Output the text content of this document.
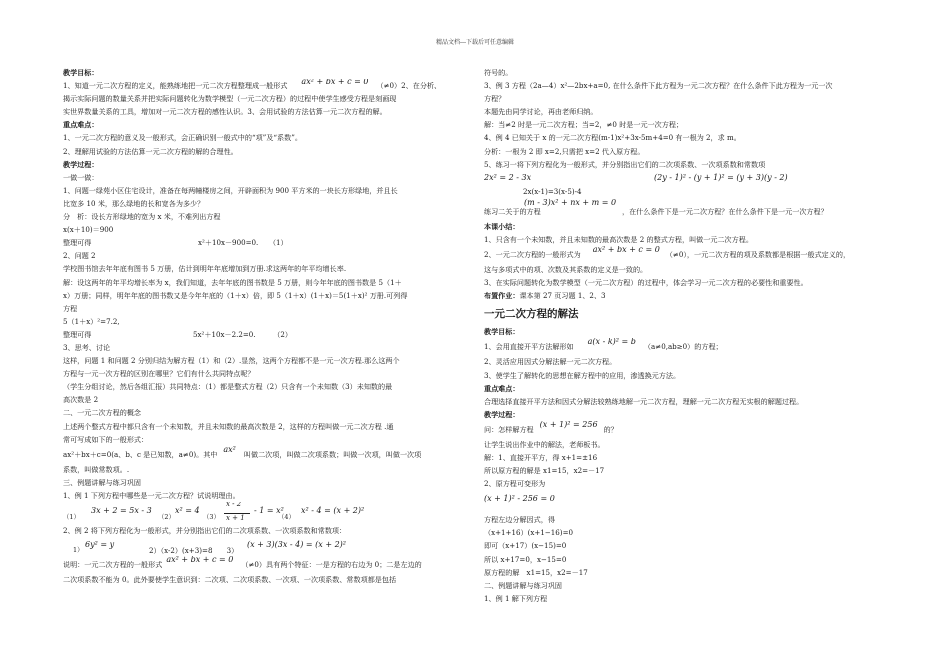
精品文档---下载后可任意编辑

教学目标：

1、知道一元二次方程的定义，能熟练地把一元二次方程整理成一般形式 ax² + bx + c = 0 （≠0）2、在分析、

揭示实际问题的数量关系并把实际问题转化为数学模型（一元二次方程）的过程中使学生感受方程是刻画现

实世界数量关系的工具，增加对一元二次方程的感性认识。3、会用试验的方法估算一元二次方程的解。

重点难点：

1、一元二次方程的意义及一般形式，会正确识别一般式中的“项”及“系数”。

2、理解用试验的方法估算一元二次方程的解的合理性。

教学过程：

一做一做：

1、问题一绿苑小区住宅设计，准备在每两幢楼房之间，开辟面积为 900 平方米的一块长方形绿地，并且长

比宽多 10 米，那么绿地的长和宽各为多少？

分　析：设长方形绿地的宽为 x 米，不难列出方程

x(x＋10)＝900

整理可得	x²＋10x－900=0.　　（1）

2、问题 2

学校图书馆去年年底有图书 5 万册，估计到明年年底增加到万册.求这两年的年平均增长率.

解：设这两年的年平均增长率为 x，我们知道，去年年底的图书数是 5 万册，则今年年底的图书数是 5（1＋

x）万册；同样，明年年底的图书数又是今年年底的（1＋x）倍，即 5（1＋x）(1＋x)＝5(1＋x)² 万册.可列得

方程

5（1＋x）²=7.2,

整理可得	5x²＋10x－2.2=0.　　　（2）

3、思考、讨论

这样，问题 1 和问题 2 分别归结为解方程（1）和（2）.显然，这两个方程都不是一元一次方程.那么这两个

方程与一元一次方程的区别在哪里？它们有什么共同特点呢？

（学生分组讨论，然后各组汇报）共同特点：（1）都是整式方程（2）只含有一个未知数（3）未知数的最

高次数是 2

二、一元二次方程的概念

上述两个整式方程中都只含有一个未知数，并且未知数的最高次数是 2，这样的方程叫做一元二次方程 .通

常可写成如下的一般形式：

ax²＋bx＋c=0(a、b、c 是已知数，a≠0)。其中ax²叫做二次项，叫做二次项系数；叫做一次项，叫做一次项

系数，叫做常数项。.

三、例题讲解与练习巩固

1、例 1 下列方程中哪些是一元二次方程？试说明理由。

（1）
3x + 2 = 5x - 3
（2）
x² = 4
（3）
x - 2
x + 1
- 1 = x²
（4）
x² - 4 = (x + 2)²

2、例 2 将下列方程化为一般形式，并分别指出它们的二次项系数、一次项系数和常数项：

1）
6y² = y
2）（x-2）(x+3)=8　　3）
(x + 3)(3x - 4) = (x + 2)²

说明：一元二次方程的一般形式ax² + bx + c = 0（≠0）具有两个特征：一是方程的右边为 0；二是左边的

二次项系数不能为 0。此外要使学生意识到：二次项、二次项系数、一次项、一次项系数、常数项都是包括

符号的。

3、例 3 方程（2a—4）x²—2bx+a=0, 在什么条件下此方程为一元二次方程？在什么条件下此方程为一元一次

方程？

本题先由同学讨论，再由老师归纳。

解：当≠2 时是一元二次方程；当=2，≠0 时是一元一次方程；

4、例 4 已知关于 x 的一元二次方程(m-1)x²+3x-5m+4=0 有一根为 2，求 m。

分析：一根为 2 即 x=2,只需把 x=2 代入原方程。

5、练习一将下列方程化为一般形式，并分别指出它们的二次项系数、一次项系数和常数项

2x² = 2 - 3x	(2y - 1)² - (y + 1)² = (y + 3)(y - 2)

2x(x-1)=3(x-5)-4

练习二关于的方程
(m - 3)x² + nx + m = 0
，在什么条件下是一元二次方程？在什么条件下是一元一次方程？

本课小结：

1、只含有一个未知数，并且未知数的最高次数是 2 的整式方程，叫做一元二次方程。

2、一元二次方程的一般形式为ax² + bx + c = 0（≠0），一元二次方程的项及系数都是根据一般式定义的，

这与多项式中的项、次数及其系数的定义是一致的。

3、在实际问题转化为数学模型（一元二次方程）的过程中，体会学习一元二次方程的必要性和重要性。

布置作业：课本第 27 页习题 1、2、3

一元二次方程的解法

教学目标：

1、会用直接开平方法解形如a(x - k)² = b（a≠0,ab≥0）的方程；

2、灵活应用因式分解法解一元二次方程。

3、使学生了解转化的思想在解方程中的应用，渗透换元方法。

重点难点：

合理选择直接开平方法和因式分解法较熟练地解一元二次方程，理解一元二次方程无实根的解题过程。

教学过程：

问：怎样解方程(x + 1)² = 256的？

让学生说出作业中的解法，老师板书。

解：1、直接开平方，得 x+1=±16

所以原方程的解是 x1=15，x2=－17

2、原方程可变形为

(x + 1)² - 256 = 0

方程左边分解因式，得

（x+1+16）(x+1−16)=0

即可（x+17）(x−15)=0

所以 x+17=0，x−15=0

原方程的解　x1=15，x2=－17

二、例题讲解与练习巩固

1、例 1 解下列方程
